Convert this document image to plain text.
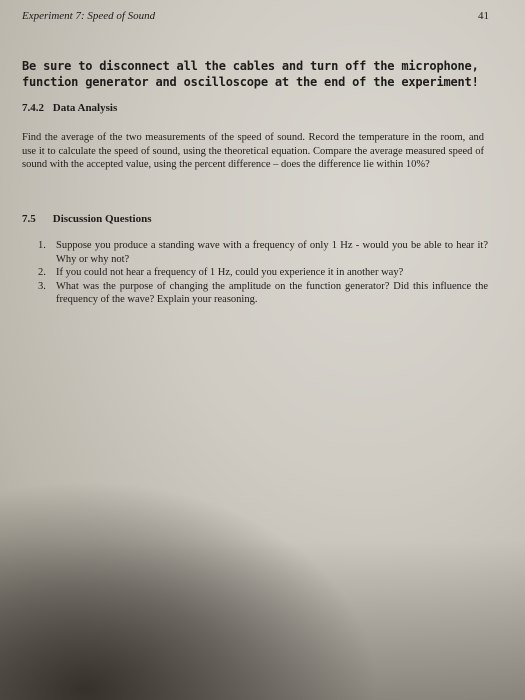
Experiment 7: Speed of Sound	41
Be sure to disconnect all the cables and turn off the microphone, function generator and oscilloscope at the end of the experiment!
7.4.2 Data Analysis
Find the average of the two measurements of the speed of sound. Record the temperature in the room, and use it to calculate the speed of sound, using the theoretical equation. Compare the average measured speed of sound with the accepted value, using the percent difference – does the difference lie within 10%?
7.5 Discussion Questions
1. Suppose you produce a standing wave with a frequency of only 1 Hz - would you be able to hear it? Why or why not?
2. If you could not hear a frequency of 1 Hz, could you experience it in another way?
3. What was the purpose of changing the amplitude on the function generator? Did this influence the frequency of the wave? Explain your reasoning.
